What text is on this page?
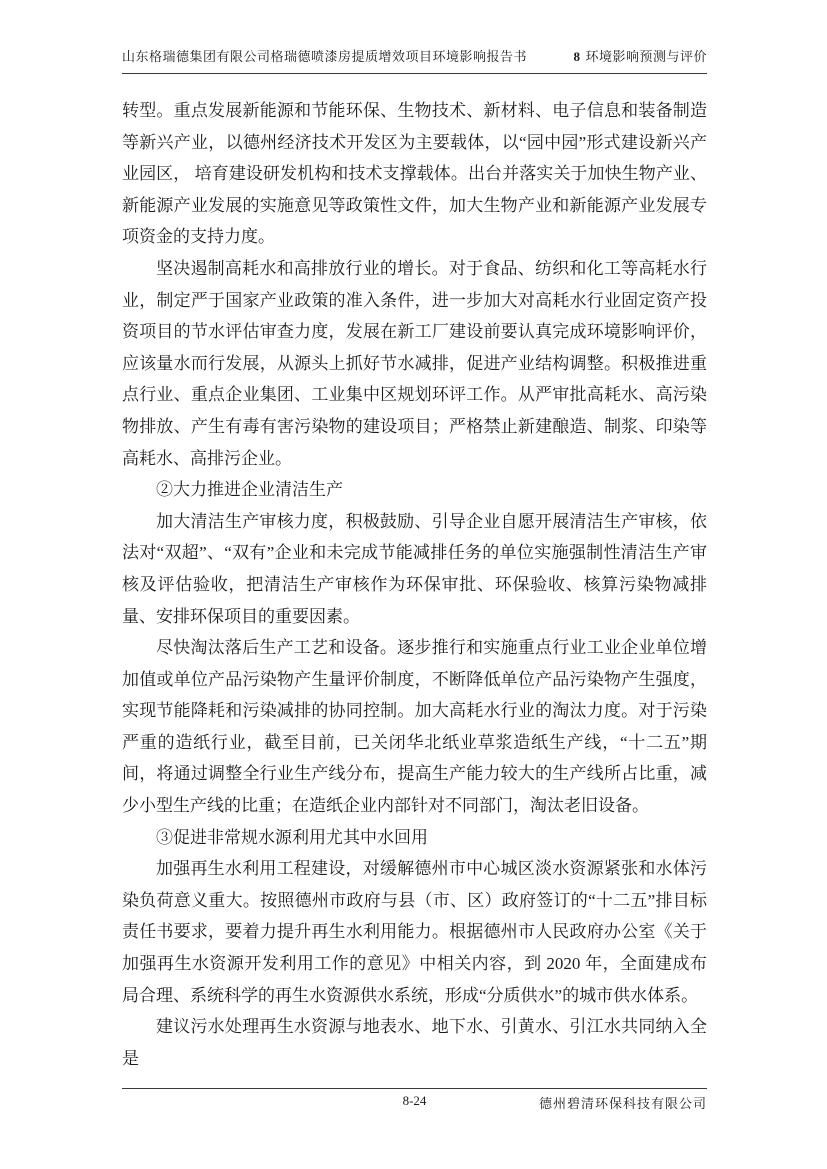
山东格瑞德集团有限公司格瑞德喷漆房提质增效项目环境影响报告书	8 环境影响预测与评价

转型。重点发展新能源和节能环保、生物技术、新材料、电子信息和装备制造等新兴产业，以德州经济技术开发区为主要载体，以“园中园”形式建设新兴产业园区， 培育建设研发机构和技术支撑载体。出台并落实关于加快生物产业、新能源产业发展的实施意见等政策性文件，加大生物产业和新能源产业发展专项资金的支持力度。

坚决遏制高耗水和高排放行业的增长。对于食品、纺织和化工等高耗水行业，制定严于国家产业政策的准入条件，进一步加大对高耗水行业固定资产投资项目的节水评估审查力度，发展在新工厂建设前要认真完成环境影响评价，应该量水而行发展，从源头上抓好节水减排，促进产业结构调整。积极推进重点行业、重点企业集团、工业集中区规划环评工作。从严审批高耗水、高污染物排放、产生有毒有害污染物的建设项目；严格禁止新建酿造、制浆、印染等高耗水、高排污企业。

②大力推进企业清洁生产

加大清洁生产审核力度，积极鼓励、引导企业自愿开展清洁生产审核，依法对“双超”、“双有”企业和未完成节能减排任务的单位实施强制性清洁生产审核及评估验收，把清洁生产审核作为环保审批、环保验收、核算污染物减排量、安排环保项目的重要因素。

尽快淘汰落后生产工艺和设备。逐步推行和实施重点行业工业企业单位增加值或单位产品污染物产生量评价制度，不断降低单位产品污染物产生强度，实现节能降耗和污染减排的协同控制。加大高耗水行业的淘汰力度。对于污染严重的造纸行业，截至目前，已关闭华北纸业草浆造纸生产线，“十二五”期间，将通过调整全行业生产线分布，提高生产能力较大的生产线所占比重，减少小型生产线的比重；在造纸企业内部针对不同部门，淘汰老旧设备。

③促进非常规水源利用尤其中水回用

加强再生水利用工程建设，对缓解德州市中心城区淡水资源紧张和水体污染负荷意义重大。按照德州市政府与县（市、区）政府签订的“十二五”排目标责任书要求，要着力提升再生水利用能力。根据德州市人民政府办公室《关于加强再生水资源开发利用工作的意见》中相关内容，到 2020 年，全面建成布局合理、系统科学的再生水资源供水系统，形成“分质供水”的城市供水体系。

建议污水处理再生水资源与地表水、地下水、引黄水、引江水共同纳入全是

8-24	德州碧清环保科技有限公司
